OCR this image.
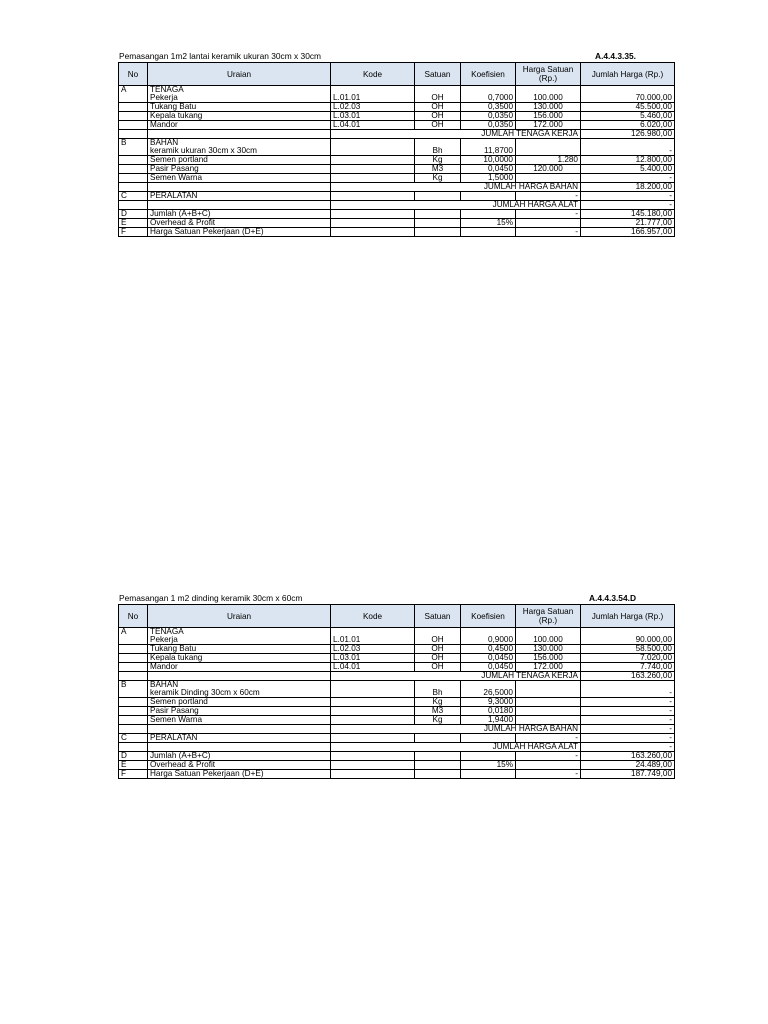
Pemasangan 1m2 lantai keramik ukuran 30cm x 30cm	A.4.4.3.35.
No	Uraian	Kode	Satuan	Koefisien	Harga Satuan (Rp.)	Jumlah Harga (Rp.)
A	TENAGA					
	Pekerja	L.01.01	OH	0,7000	100.000	70.000,00
	Tukang Batu	L.02.03	OH	0,3500	130.000	45.500,00
	Kepala tukang	L.03.01	OH	0,0350	156.000	5.460,00
	Mandor	L.04.01	OH	0,0350	172.000	6.020,00
		JUMLAH TENAGA KERJA				126.980,00
B	BAHAN					
	keramik ukuran 30cm x 30cm		Bh	11,8700		-
	Semen portland		Kg	10,0000	1.280	12.800,00
	Pasir Pasang		M3	0,0450	120.000	5.400,00
	Semen Warna		Kg	1,5000		-
		JUMLAH HARGA BAHAN				18.200,00
C	PERALATAN				-	-
		JUMLAH HARGA ALAT				-
D	Jumlah (A+B+C)				-	145.180,00
E	Overhead & Profit			15%		21.777,00
F	Harga Satuan Pekerjaan (D+E)				-	166.957,00
Pemasangan 1 m2 dinding keramik 30cm x 60cm	A.4.4.3.54.D
No	Uraian	Kode	Satuan	Koefisien	Harga Satuan (Rp.)	Jumlah Harga (Rp.)
A	TENAGA					
	Pekerja	L.01.01	OH	0,9000	100.000	90.000,00
	Tukang Batu	L.02.03	OH	0,4500	130.000	58.500,00
	Kepala tukang	L.03.01	OH	0,0450	156.000	7.020,00
	Mandor	L.04.01	OH	0,0450	172.000	7.740,00
		JUMLAH TENAGA KERJA				163.260,00
B	BAHAN					
	keramik Dinding 30cm x 60cm		Bh	26,5000		-
	Semen portland		Kg	9,3000		-
	Pasir Pasang		M3	0,0180		-
	Semen Warna		Kg	1,9400		-
		JUMLAH HARGA BAHAN				-
C	PERALATAN				-	-
		JUMLAH HARGA ALAT				-
D	Jumlah (A+B+C)				-	163.260,00
E	Overhead & Profit			15%		24.489,00
F	Harga Satuan Pekerjaan (D+E)				-	187.749,00
